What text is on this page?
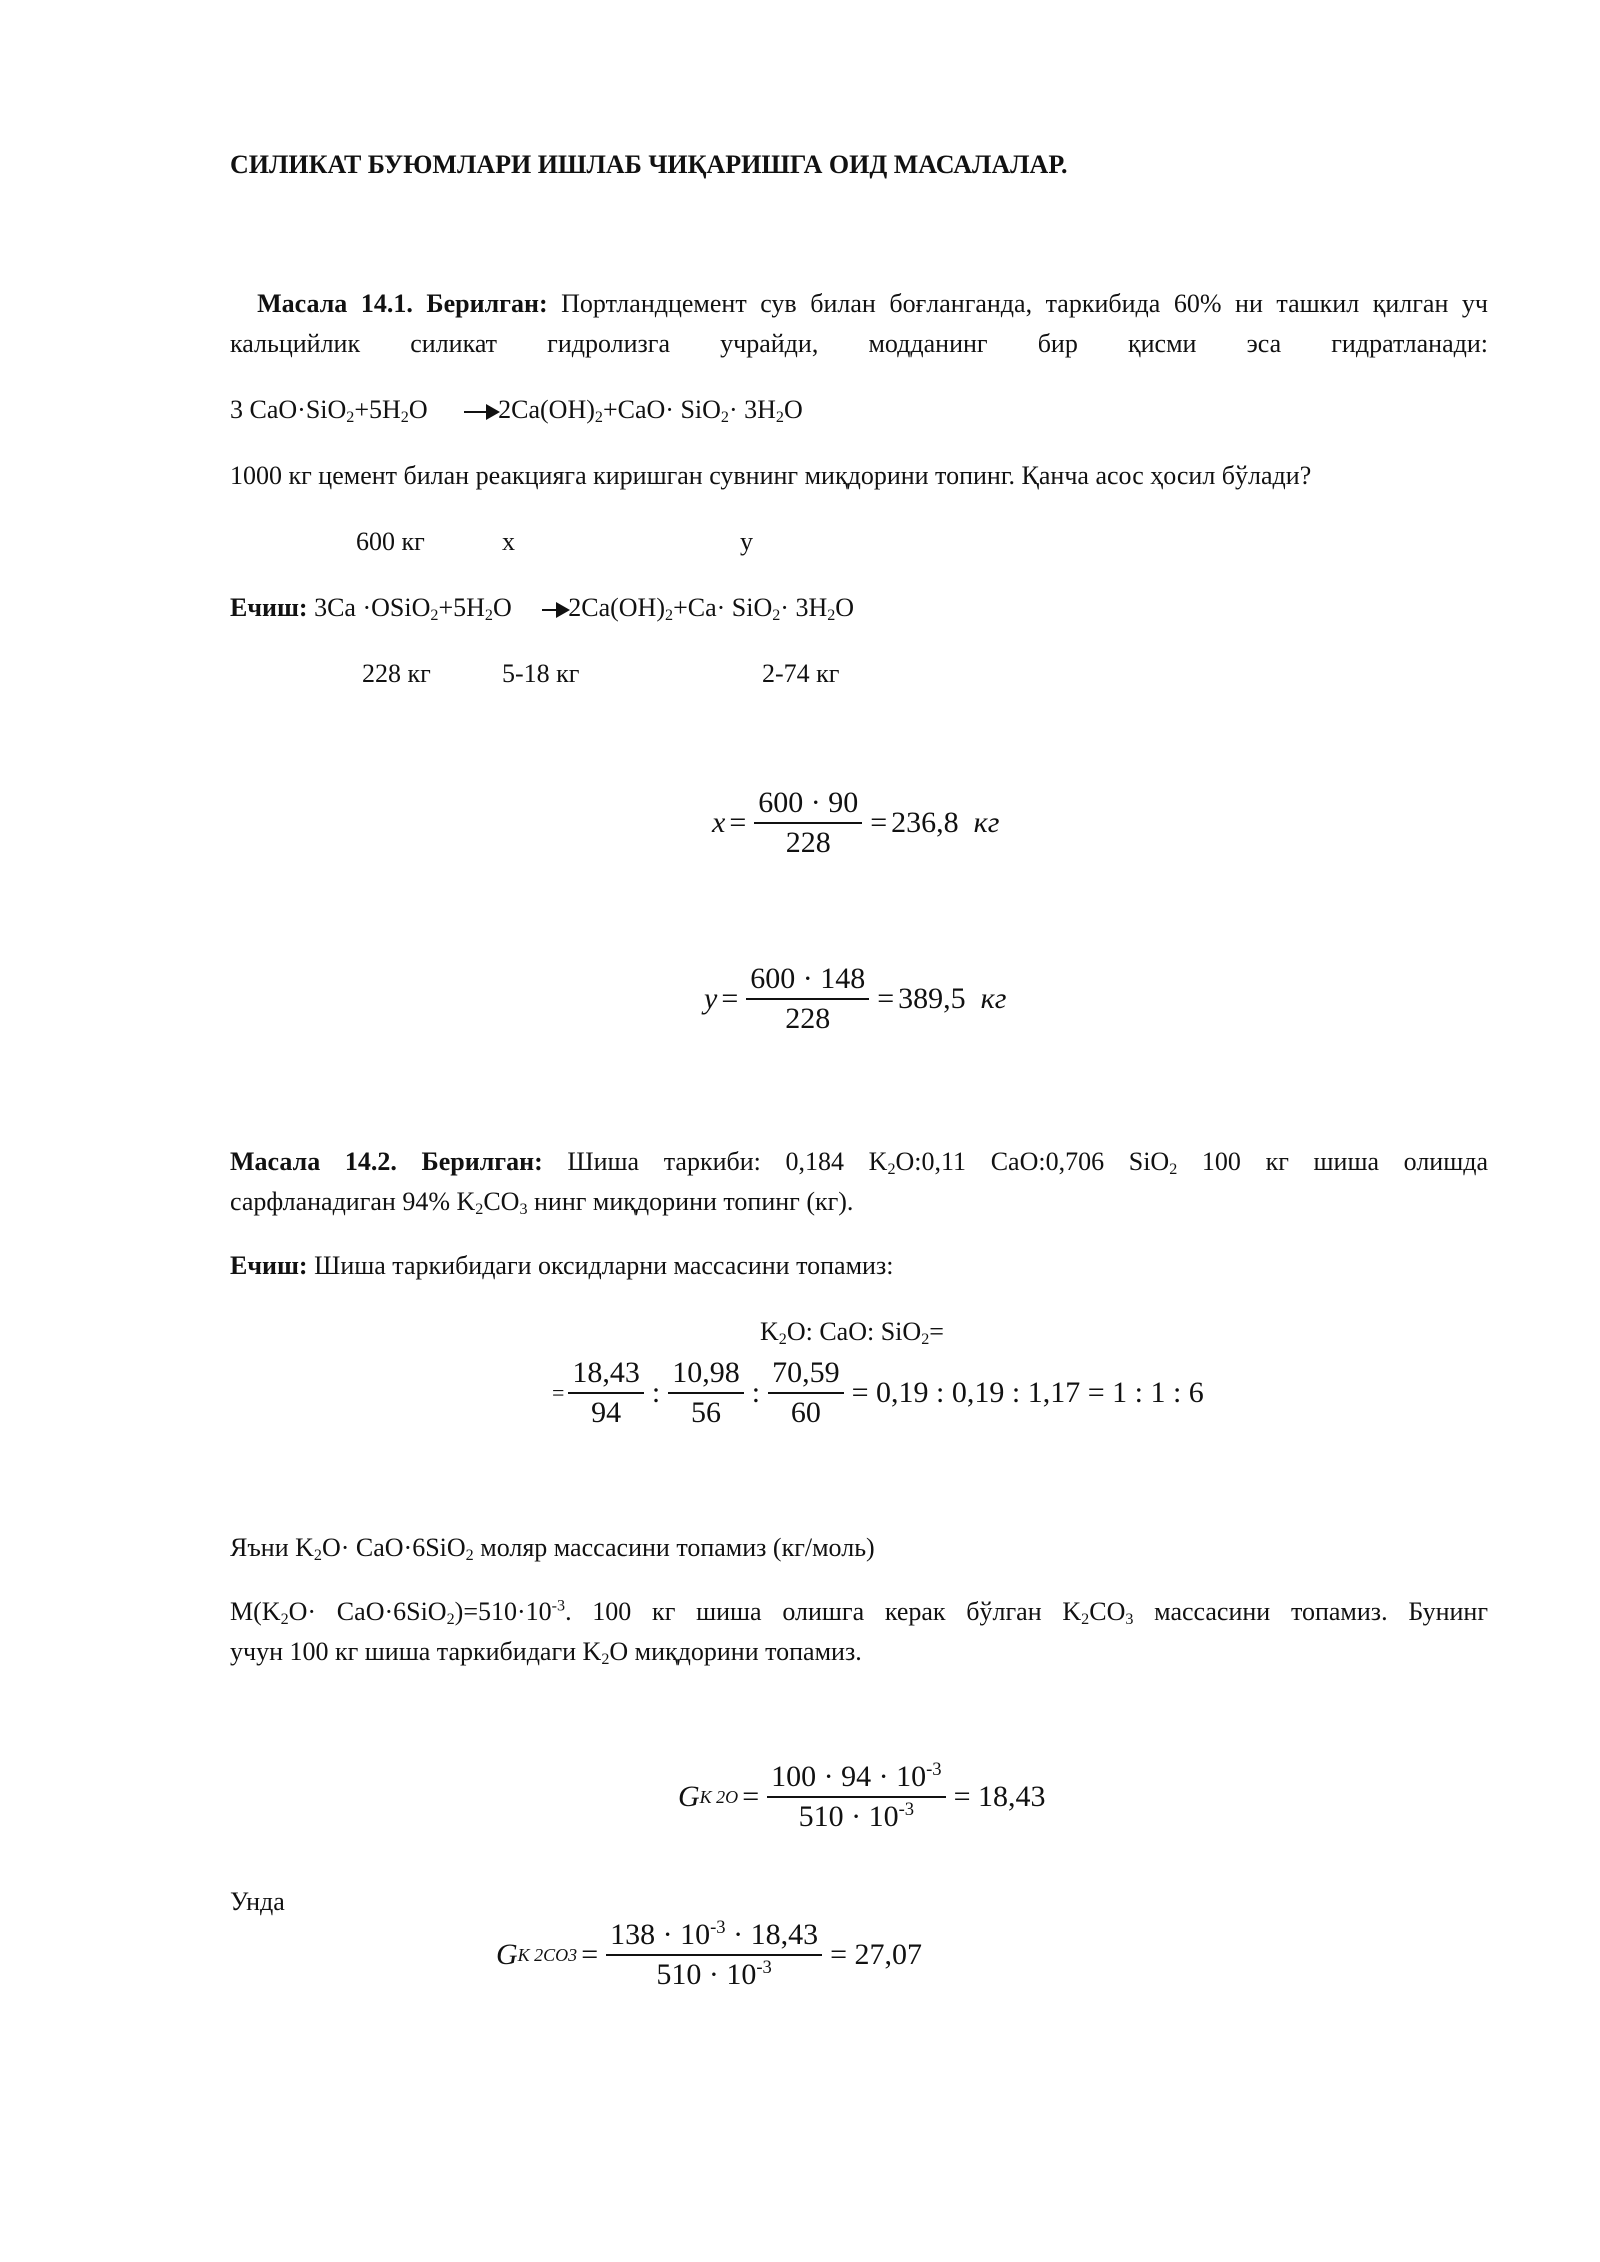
СИЛИКАТ БУЮМЛАРИ ИШЛАБ ЧИҚАРИШГА ОИД МАСАЛАЛАР.
Масала 14.1. Берилган: Портландцемент сув билан боғланганда, таркибида 60% ни ташкил қилган уч кальцийлик силикат гидролизга учрайди, модданинг бир қисми эса гидратланади:
3 $CaO\cdot SiO_2+5H_2O \to 2Ca(OH)_2+CaO\cdot SiO_2\cdot 3H_2O$
1000 кг цемент билан реакцияга киришган сувнинг миқдорини топинг. Қанча асос ҳосил бўлади?
600 кг	x	y
Ечиш: $3Ca \cdot OSiO_2+5H_2O$ $2Ca(OH)_2+Ca\cdot SiO_2\cdot 3H_2O$
228 кг	5-18 кг	2-74 кг
$x = \frac{600 \cdot 90}{228} = 236,8$
кг
$y = \frac{600 \cdot 148}{228} = 389,5$
кг
Масала 14.2. Берилган: Шиша таркиби: 0,184 $K_2O:0,11$ CaO:0,706 SiO$_2$ 100 кг шиша олишда
сарфланадиган 94% $K_2CO_3$ нинг миқдорини топинг (кг).
Ечиш: Шиша таркибидаги оксидларни массасини топамиз:
$K_2O$: CaO: SiO$_2$=
= $\frac{18,43}{94}$ : $\frac{10,98}{56}$ : $\frac{70,59}{60} = 0,19$ : 0,19 : 1,17 = 1 : 1 : 6
Яъни $K_2O\cdot CaO\cdot 6SiO_2$ моляр массасини топамиз (кг/моль)
$M(K_2O\cdot CaO\cdot 6SiO_2)=510\cdot 10^{-3}$. 100 кг шиша олишга керак бўлган $K_2CO_3$ массасини топамиз. Бунинг
учун 100 кг шиша таркибидаги $K_2O$ миқдорини топамиз.
G K $2O = \frac{100 \cdot 94 \cdot 10^{-3}}{510 \cdot 10^{-3}} = 18,43$
Унда
G K $2CO3 = \frac{138 \cdot 10^{-3} \cdot 18,43}{510 \cdot 10^{-3}} = 27,07$
